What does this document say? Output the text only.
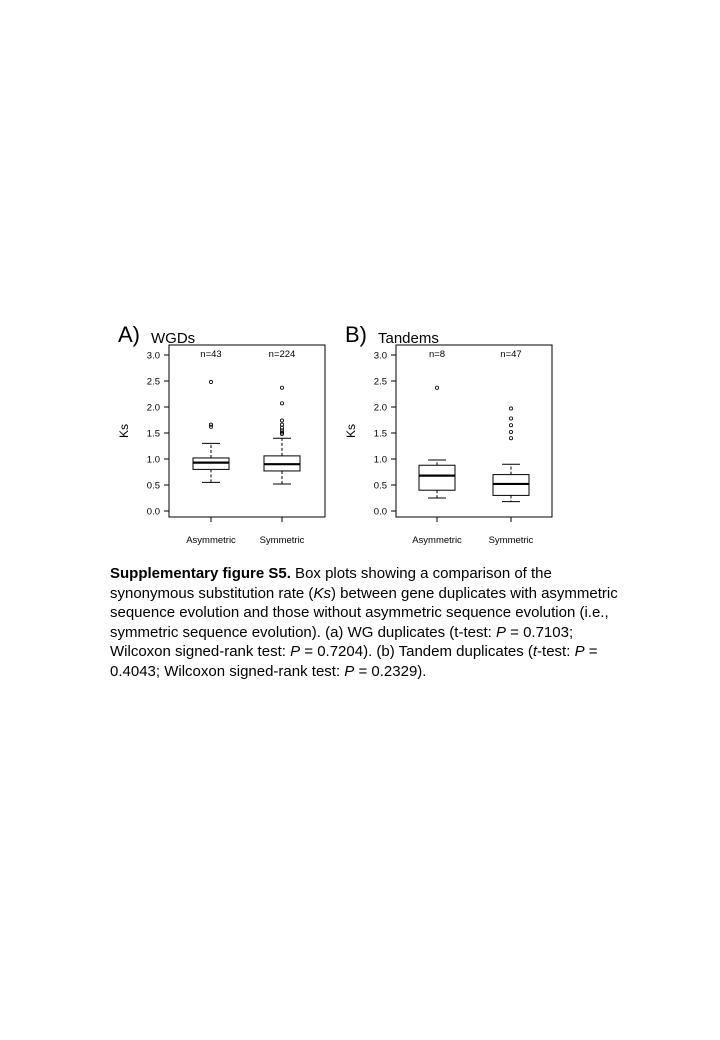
A) WGDs
0.0
0.5
1.0
1.5
2.0
2.5
3.0
Ks
Asymmetric
n=43
Symmetric
n=224
B) Tandems
0.0
0.5
1.0
1.5
2.0
2.5
3.0
Ks
Asymmetric
n=8
Symmetric
n=47

Supplementary figure S5. Box plots showing a comparison of the synonymous substitution rate (Ks) between gene duplicates with asymmetric sequence evolution and those without asymmetric sequence evolution (i.e., symmetric sequence evolution). (a) WG duplicates (t-test: P = 0.7103; Wilcoxon signed-rank test: P = 0.7204). (b) Tandem duplicates (t-test: P = 0.4043; Wilcoxon signed-rank test: P = 0.2329).
